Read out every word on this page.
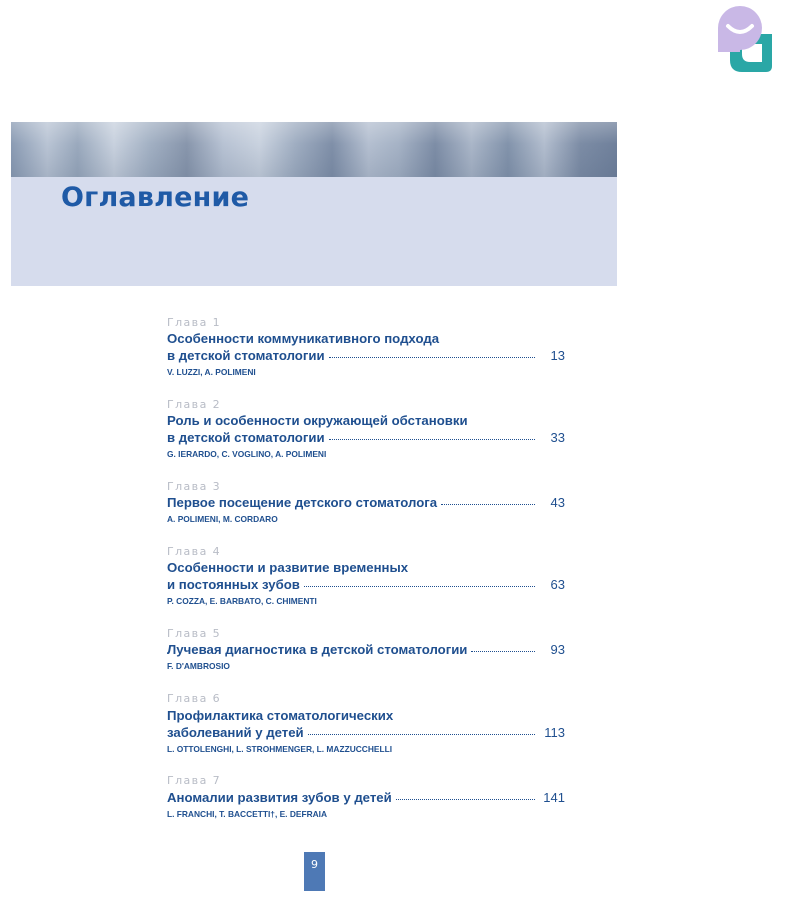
Оглавление
Глава 1
Особенности коммуникативного подхода
в детской стоматологии	13
V. LUZZI, A. POLIMENI
Глава 2
Роль и особенности окружающей обстановки
в детской стоматологии	33
G. IERARDO, C. VOGLINO, A. POLIMENI
Глава 3
Первое посещение детского стоматолога	43
A. POLIMENI, M. CORDARO
Глава 4
Особенности и развитие временных
и постоянных зубов	63
P. COZZA, E. BARBATO, C. CHIMENTI
Глава 5
Лучевая диагностика в детской стоматологии	93
F. D'AMBROSIO
Глава 6
Профилактика стоматологических
заболеваний у детей	113
L. OTTOLENGHI, L. STROHMENGER, L. MAZZUCCHELLI
Глава 7
Аномалии развития зубов у детей	141
L. FRANCHI, T. BACCETTI†, E. DEFRAIA
9
